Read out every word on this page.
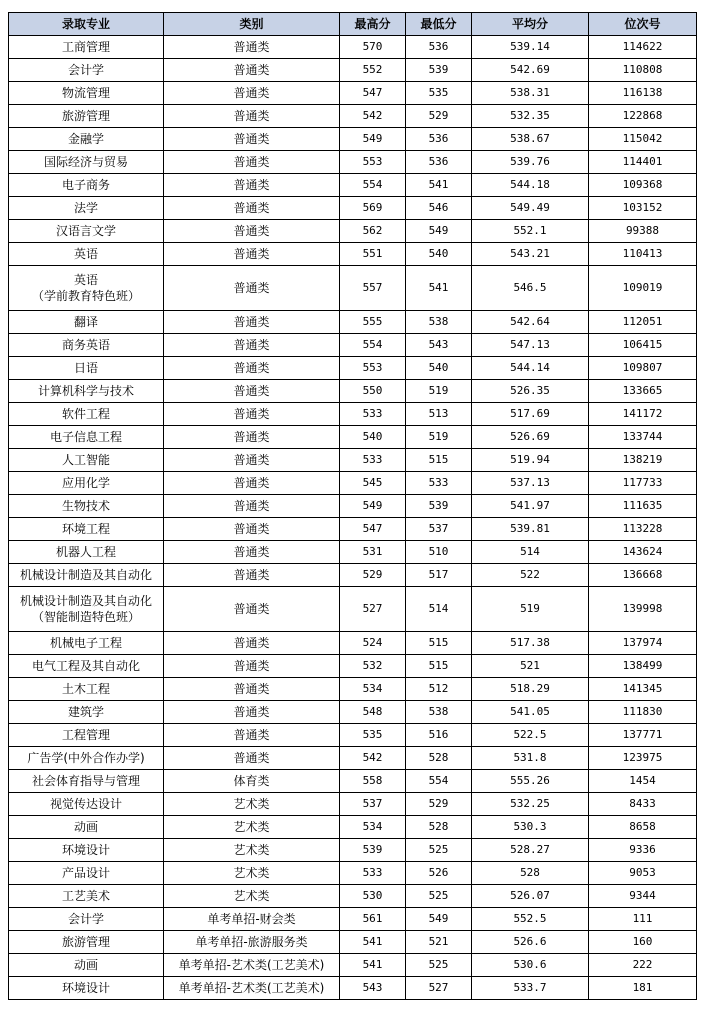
录取专业	类别	最高分	最低分	平均分	位次号

工商管理	普通类	570	536	539.14	114622

会计学	普通类	552	539	542.69	110808

物流管理	普通类	547	535	538.31	116138

旅游管理	普通类	542	529	532.35	122868

金融学	普通类	549	536	538.67	115042

国际经济与贸易	普通类	553	536	539.76	114401

电子商务	普通类	554	541	544.18	109368

法学	普通类	569	546	549.49	103152

汉语言文学	普通类	562	549	552.1	99388

英语	普通类	551	540	543.21	110413

英语
（学前教育特色班）	普通类	557	541	546.5	109019

翻译	普通类	555	538	542.64	112051

商务英语	普通类	554	543	547.13	106415

日语	普通类	553	540	544.14	109807

计算机科学与技术	普通类	550	519	526.35	133665

软件工程	普通类	533	513	517.69	141172

电子信息工程	普通类	540	519	526.69	133744

人工智能	普通类	533	515	519.94	138219

应用化学	普通类	545	533	537.13	117733

生物技术	普通类	549	539	541.97	111635

环境工程	普通类	547	537	539.81	113228

机器人工程	普通类	531	510	514	143624

机械设计制造及其自动化	普通类	529	517	522	136668

机械设计制造及其自动化
（智能制造特色班）	普通类	527	514	519	139998

机械电子工程	普通类	524	515	517.38	137974

电气工程及其自动化	普通类	532	515	521	138499

土木工程	普通类	534	512	518.29	141345

建筑学	普通类	548	538	541.05	111830

工程管理	普通类	535	516	522.5	137771

广告学(中外合作办学)	普通类	542	528	531.8	123975

社会体育指导与管理	体育类	558	554	555.26	1454

视觉传达设计	艺术类	537	529	532.25	8433

动画	艺术类	534	528	530.3	8658

环境设计	艺术类	539	525	528.27	9336

产品设计	艺术类	533	526	528	9053

工艺美术	艺术类	530	525	526.07	9344

会计学	单考单招-财会类	561	549	552.5	111

旅游管理	单考单招-旅游服务类	541	521	526.6	160

动画	单考单招-艺术类(工艺美术)	541	525	530.6	222

环境设计	单考单招-艺术类(工艺美术)	543	527	533.7	181
